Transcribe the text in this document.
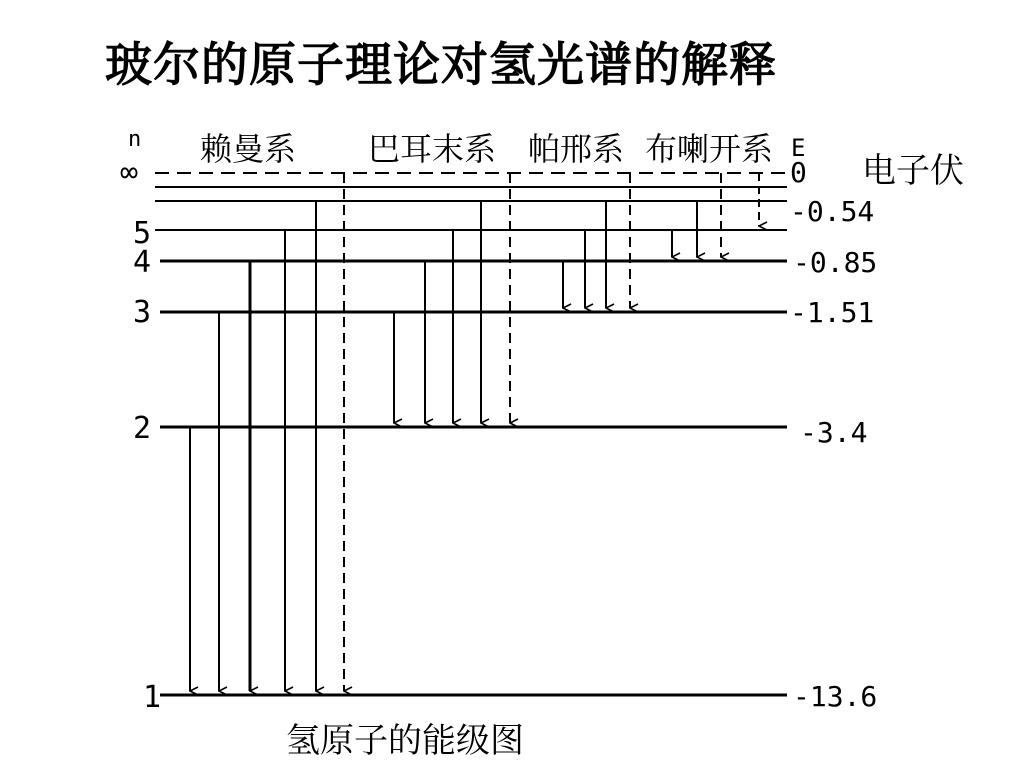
玻尔的原子理论对氢光谱的解释
n 赖曼系 巴耳末系 帕邢系 布喇开系 E
电子伏
∞
5
4
3
2
1
0
-0.54
-0.85
-1.51
-3.4
-13.6
氢原子的能级图
